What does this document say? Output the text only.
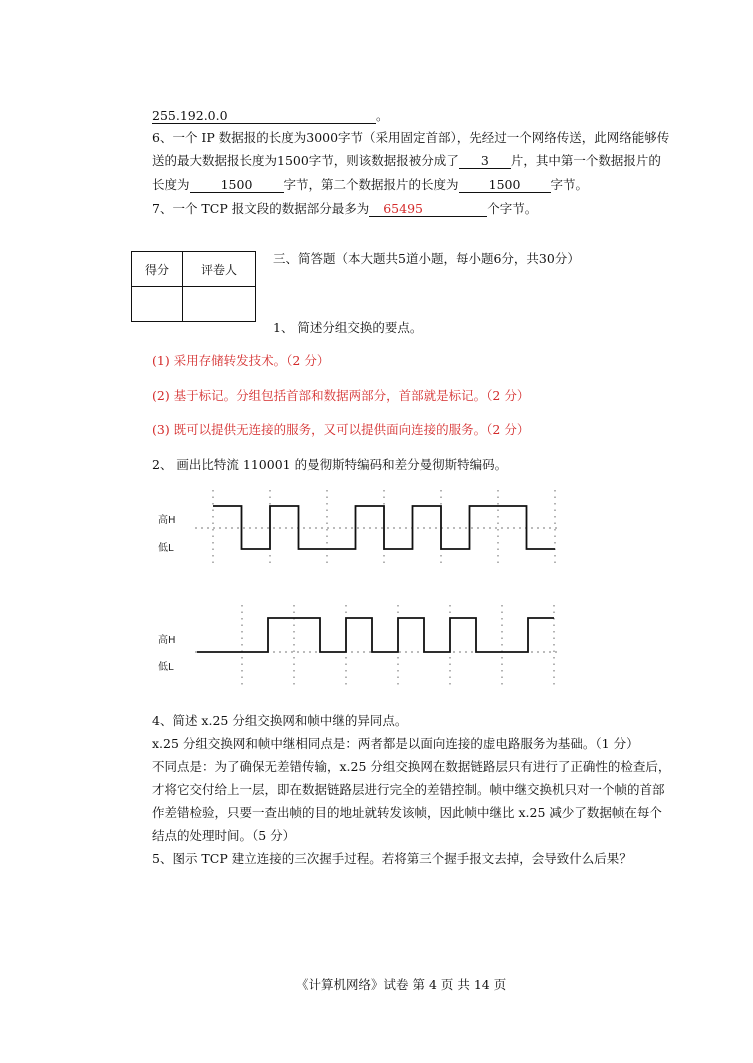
255.192.0.0	。
6、一个 IP 数据报的长度为3000字节（采用固定首部），先经过一个网络传送，此网络能够传
送的最大数据报长度为1500字节，则该数据报被分成了 3 片，其中第一个数据报片的
长度为 1500 字节，第二个数据报片的长度为 1500 字节。
7、一个 TCP 报文段的数据部分最多为 65495	个字节。
得分	评卷人

三、简答题（本大题共5道小题，每小题6分，共30分）
1、 简述分组交换的要点。
(1) 采用存储转发技术。（2 分）
(2) 基于标记。分组包括首部和数据两部分，首部就是标记。（2 分）
(3) 既可以提供无连接的服务，又可以提供面向连接的服务。（2 分）
2、 画出比特流 110001 的曼彻斯特编码和差分曼彻斯特编码。
高H
低L
高H
低L
4、简述 x.25 分组交换网和帧中继的异同点。
x.25 分组交换网和帧中继相同点是：两者都是以面向连接的虚电路服务为基础。（1 分）
不同点是：为了确保无差错传输，x.25 分组交换网在数据链路层只有进行了正确性的检查后，
才将它交付给上一层，即在数据链路层进行完全的差错控制。帧中继交换机只对一个帧的首部
作差错检验，只要一查出帧的目的地址就转发该帧，因此帧中继比 x.25 减少了数据帧在每个
结点的处理时间。（5 分）
5、图示 TCP 建立连接的三次握手过程。若将第三个握手报文去掉，会导致什么后果？
《计算机网络》试卷 第 4 页 共 14 页
